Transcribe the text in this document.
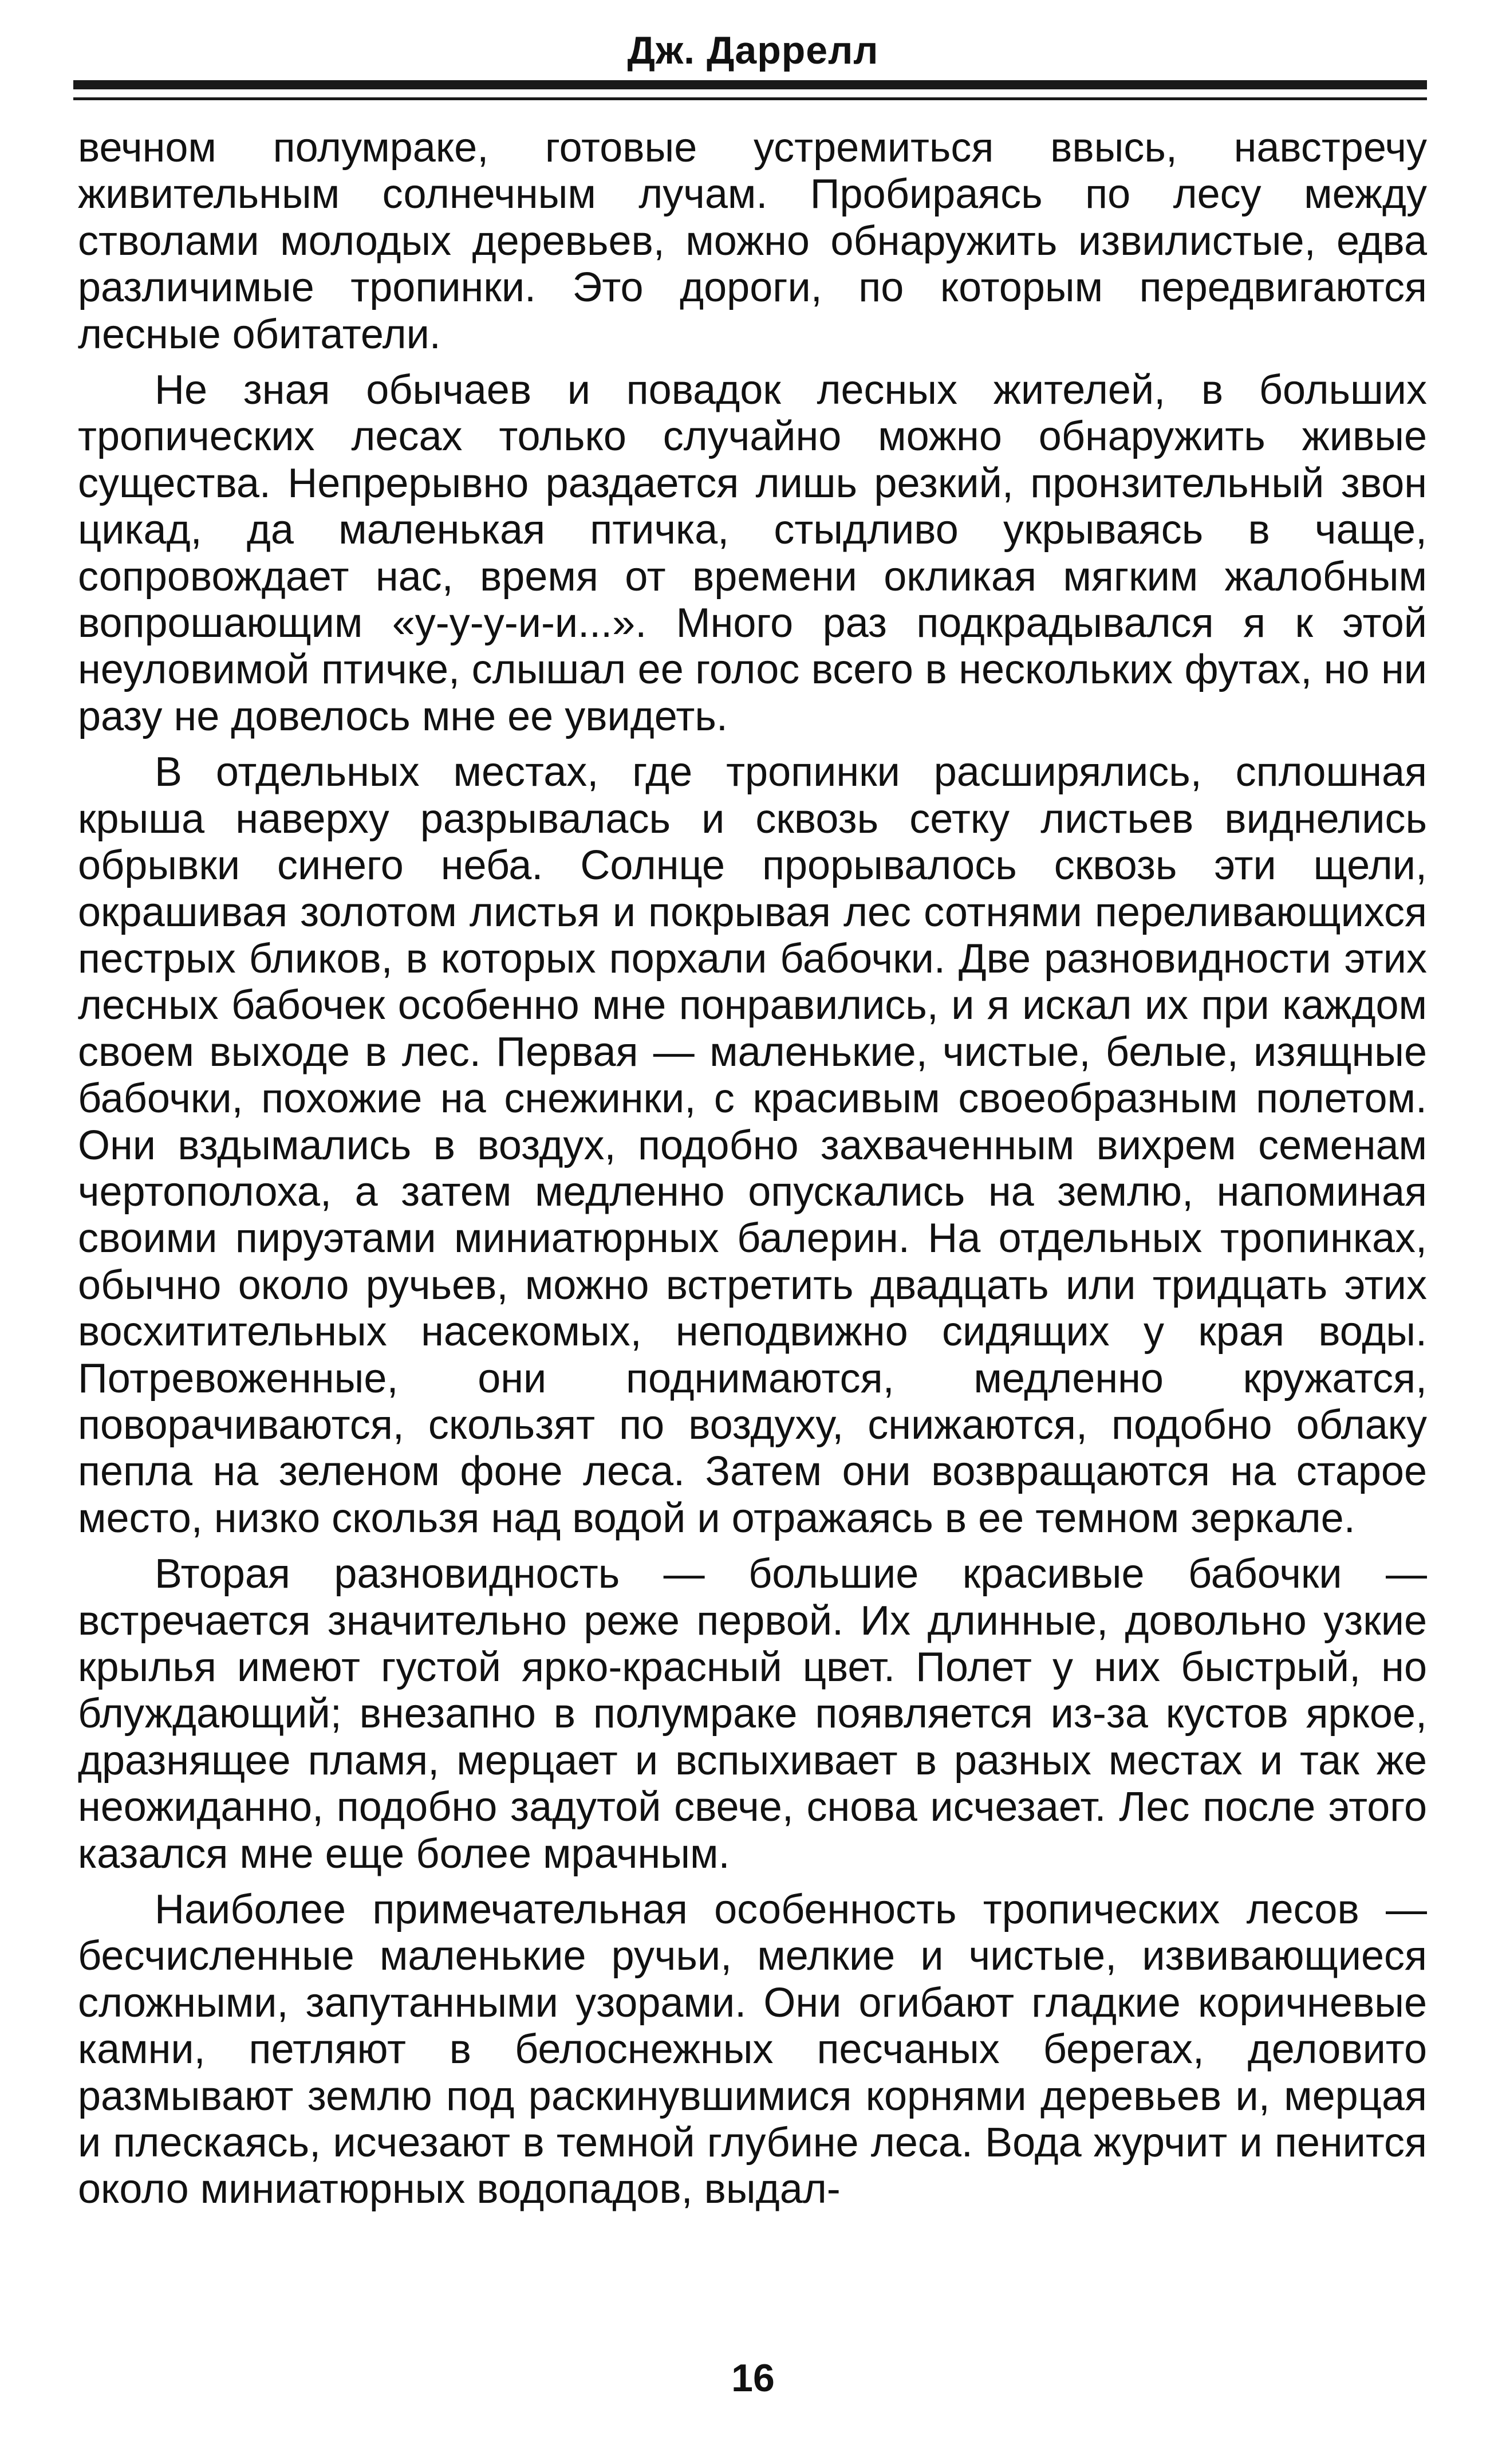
Дж. Даррелл

вечном полумраке, готовые устремиться ввысь, навстречу живительным солнечным лучам. Пробираясь по лесу между стволами молодых деревьев, можно обнаружить извилистые, едва различимые тропинки. Это дороги, по которым передвигаются лесные обитатели.

Не зная обычаев и повадок лесных жителей, в больших тропических лесах только случайно можно обнаружить живые существа. Непрерывно раздается лишь резкий, пронзительный звон цикад, да маленькая птичка, стыдливо укрываясь в чаще, сопровождает нас, время от времени окликая мягким жалобным вопрошающим «у-у-у-и-и...». Много раз подкрадывался я к этой неуловимой птичке, слышал ее голос всего в нескольких футах, но ни разу не довелось мне ее увидеть.

В отдельных местах, где тропинки расширялись, сплошная крыша наверху разрывалась и сквозь сетку листьев виднелись обрывки синего неба. Солнце прорывалось сквозь эти щели, окрашивая золотом листья и покрывая лес сотнями переливающихся пестрых бликов, в которых порхали бабочки. Две разновидности этих лесных бабочек особенно мне понравились, и я искал их при каждом своем выходе в лес. Первая — маленькие, чистые, белые, изящные бабочки, похожие на снежинки, с красивым своеобразным полетом. Они вздымались в воздух, подобно захваченным вихрем семенам чертополоха, а затем медленно опускались на землю, напоминая своими пируэтами миниатюрных балерин. На отдельных тропинках, обычно около ручьев, можно встретить двадцать или тридцать этих восхитительных насекомых, неподвижно сидящих у края воды. Потревоженные, они поднимаются, медленно кружатся, поворачиваются, скользят по воздуху, снижаются, подобно облаку пепла на зеленом фоне леса. Затем они возвращаются на старое место, низко скользя над водой и отражаясь в ее темном зеркале.

Вторая разновидность — большие красивые бабочки — встречается значительно реже первой. Их длинные, довольно узкие крылья имеют густой ярко-красный цвет. Полет у них быстрый, но блуждающий; внезапно в полумраке появляется из-за кустов яркое, дразнящее пламя, мерцает и вспыхивает в разных местах и так же неожиданно, подобно задутой свече, снова исчезает. Лес после этого казался мне еще более мрачным.

Наиболее примечательная особенность тропических лесов — бесчисленные маленькие ручьи, мелкие и чистые, извивающиеся сложными, запутанными узорами. Они огибают гладкие коричневые камни, петляют в белоснежных песчаных берегах, деловито размывают землю под раскинувшимися корнями деревьев и, мерцая и плескаясь, исчезают в темной глубине леса. Вода журчит и пенится около миниатюрных водопадов, выдал-

16
